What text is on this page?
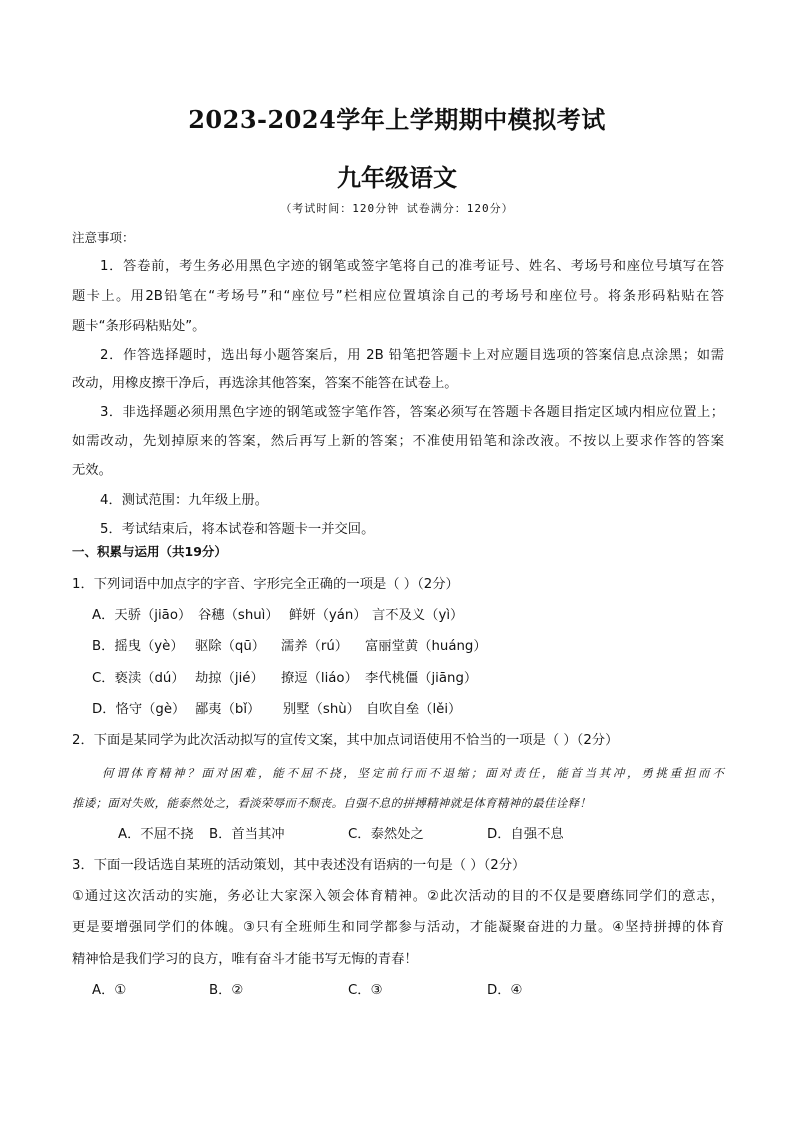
2023-2024学年上学期期中模拟考试
九年级语文
（考试时间：120分钟 试卷满分：120分）
注意事项：
1．答卷前，考生务必用黑色字迹的钢笔或签字笔将自己的准考证号、姓名、考场号和座位号填写在答
题卡上。用2B铅笔在“考场号”和“座位号”栏相应位置填涂自己的考场号和座位号。将条形码粘贴在答
题卡“条形码粘贴处”。
2．作答选择题时，选出每小题答案后，用 2B 铅笔把答题卡上对应题目选项的答案信息点涂黑；如需
改动，用橡皮擦干净后，再选涂其他答案，答案不能答在试卷上。
3．非选择题必须用黑色字迹的钢笔或签字笔作答，答案必须写在答题卡各题目指定区域内相应位置上；
如需改动，先划掉原来的答案，然后再写上新的答案；不准使用铅笔和涂改液。不按以上要求作答的答案
无效。
4．测试范围：九年级上册。
5．考试结束后，将本试卷和答题卡一并交回。
一、积累与运用（共19分）
1．下列词语中加点字的字音、字形完全正确的一项是（ ）（2分）
A．天骄（jiāo） 谷穗（shuì） 鲜妍（yán） 言不及义（yì）
B．摇曳（yè） 驱除（qū） 濡养（rú） 富丽堂黄（huáng）
C．亵渎（dú） 劫掠（jié） 撩逗（liáo） 李代桃僵（jiāng）
D．恪守（gè） 鄙夷（bǐ） 别墅（shù） 自吹自垒（lěi）
2．下面是某同学为此次活动拟写的宣传文案，其中加点词语使用不恰当的一项是（ ）（2分）
何谓体育精神？面对困难，能不屈不挠，坚定前行而不退缩；面对责任，能首当其冲，勇挑重担而不
推诿；面对失败，能泰然处之，看淡荣辱而不颓丧。自强不息的拼搏精神就是体育精神的最佳诠释！
A．不屈不挠 B．首当其冲	C．泰然处之	D．自强不息
3．下面一段话选自某班的活动策划，其中表述没有语病的一句是（ ）（2分）
①通过这次活动的实施，务必让大家深入领会体育精神。②此次活动的目的不仅是要磨练同学们的意志，
更是要增强同学们的体魄。③只有全班师生和同学都参与活动，才能凝聚奋进的力量。④坚持拼搏的体育
精神恰是我们学习的良方，唯有奋斗才能书写无悔的青春！
A．①	B．②	C．③	D．④
